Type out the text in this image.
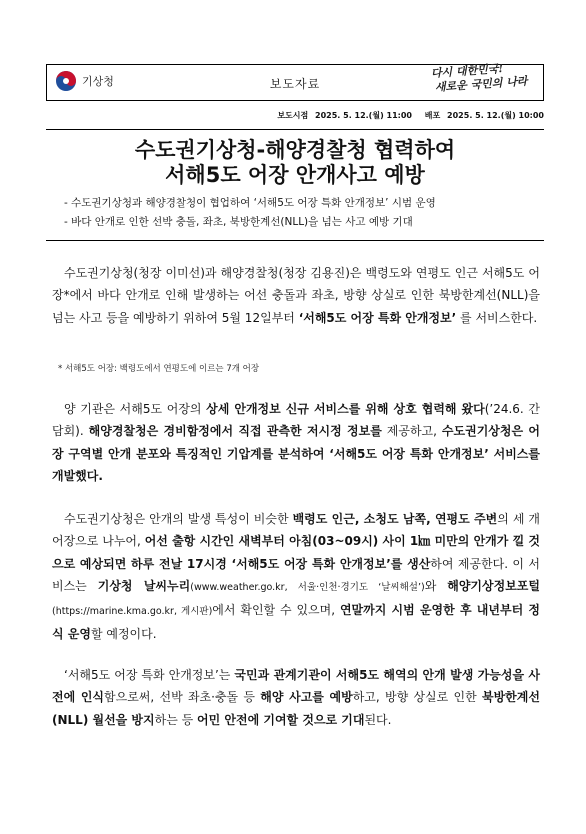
기상청	보도자료
다시 대한민국!
새로운 국민의 나라
보도시점 2025. 5. 12.(월) 11:00 배포 2025. 5. 12.(월) 10:00
수도권기상청-해양경찰청 협력하여
서해5도 어장 안개사고 예방
- 수도권기상청과 해양경찰청이 협업하여 ‘서해5도 어장 특화 안개정보’ 시범 운영
- 바다 안개로 인한 선박 충돌, 좌초, 북방한계선(NLL)을 넘는 사고 예방 기대
수도권기상청(청장 이미선)과 해양경찰청(청장 김용진)은 백령도와 연평도 인근 서해5도 어장*에서 바다 안개로 인해 발생하는 어선 충돌과 좌초, 방향 상실로 인한 북방한계선(NLL)을 넘는 사고 등을 예방하기 위하여 5월 12일부터 ‘서해5도 어장 특화 안개정보’ 를 서비스한다.
* 서해5도 어장: 백령도에서 연평도에 이르는 7개 어장
양 기관은 서해5도 어장의 상세 안개정보 신규 서비스를 위해 상호 협력해 왔다(’24.6. 간담회). 해양경찰청은 경비함정에서 직접 관측한 저시정 정보를 제공하고, 수도권기상청은 어장 구역별 안개 분포와 특징적인 기압계를 분석하여 ‘서해5도 어장 특화 안개정보’ 서비스를 개발했다.
수도권기상청은 안개의 발생 특성이 비슷한 백령도 인근, 소청도 남쪽, 연평도 주변의 세 개 어장으로 나누어, 어선 출항 시간인 새벽부터 아침(03~09시) 사이 1㎞ 미만의 안개가 낄 것으로 예상되면 하루 전날 17시경 ‘서해5도 어장 특화 안개정보’를 생산하여 제공한다. 이 서비스는 기상청 날씨누리(www.weather.go.kr, 서울·인천·경기도 ‘날씨해설’)와 해양기상정보포털(https://marine.kma.go.kr, 게시판)에서 확인할 수 있으며, 연말까지 시범 운영한 후 내년부터 정식 운영할 예정이다.
‘서해5도 어장 특화 안개정보’는 국민과 관계기관이 서해5도 해역의 안개 발생 가능성을 사전에 인식함으로써, 선박 좌초·충돌 등 해양 사고를 예방하고, 방향 상실로 인한 북방한계선(NLL) 월선을 방지하는 등 어민 안전에 기여할 것으로 기대된다.
